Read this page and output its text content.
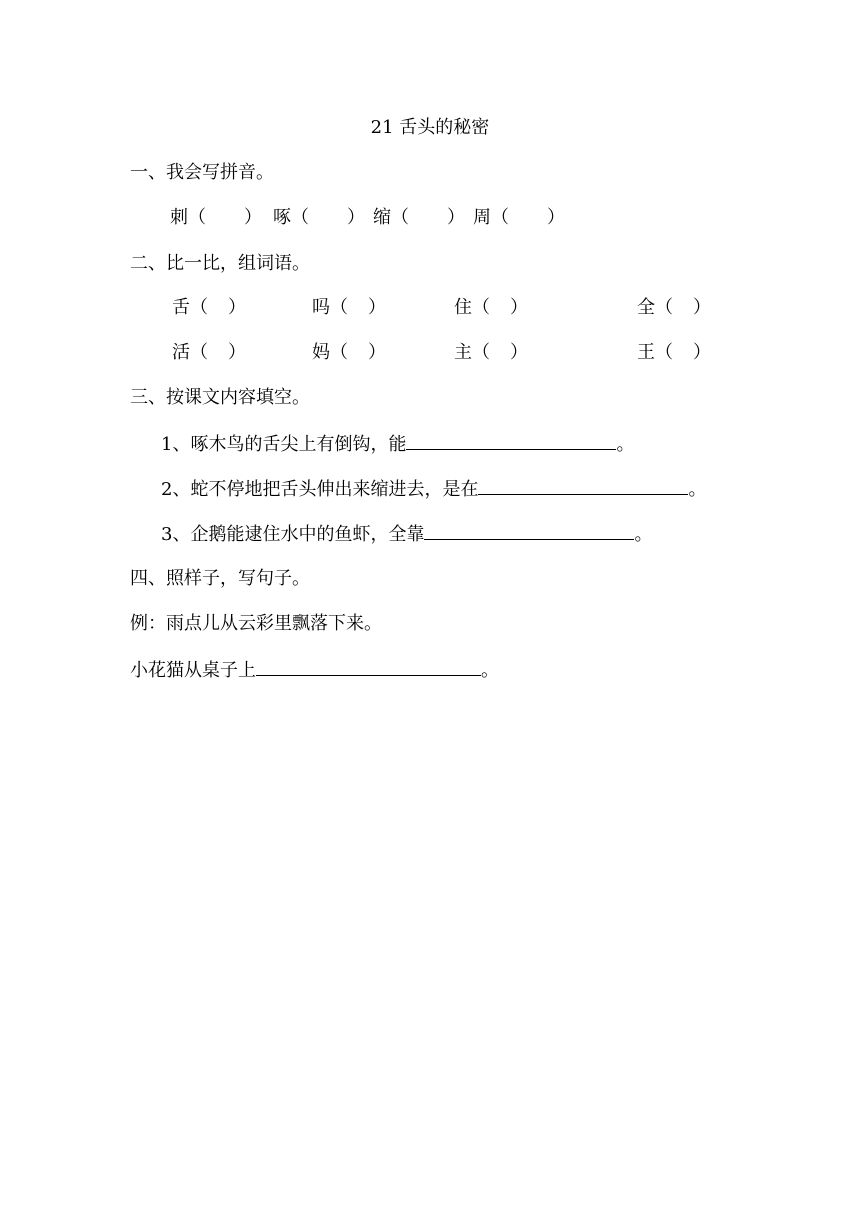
21 舌头的秘密
一、我会写拼音。
刺（ ） 啄（ ） 缩（ ） 周（ ）
二、比一比，组词语。
舌（ ）	吗（ ）	住（ ）	全（ ）
活（ ）	妈（ ）	主（ ）	王（ ）
三、按课文内容填空。
1、啄木鸟的舌尖上有倒钩，能	。
2、蛇不停地把舌头伸出来缩进去，是在	。
3、企鹅能逮住水中的鱼虾，全靠	。
四、照样子，写句子。
例：雨点儿从云彩里飘落下来。
小花猫从桌子上	。
